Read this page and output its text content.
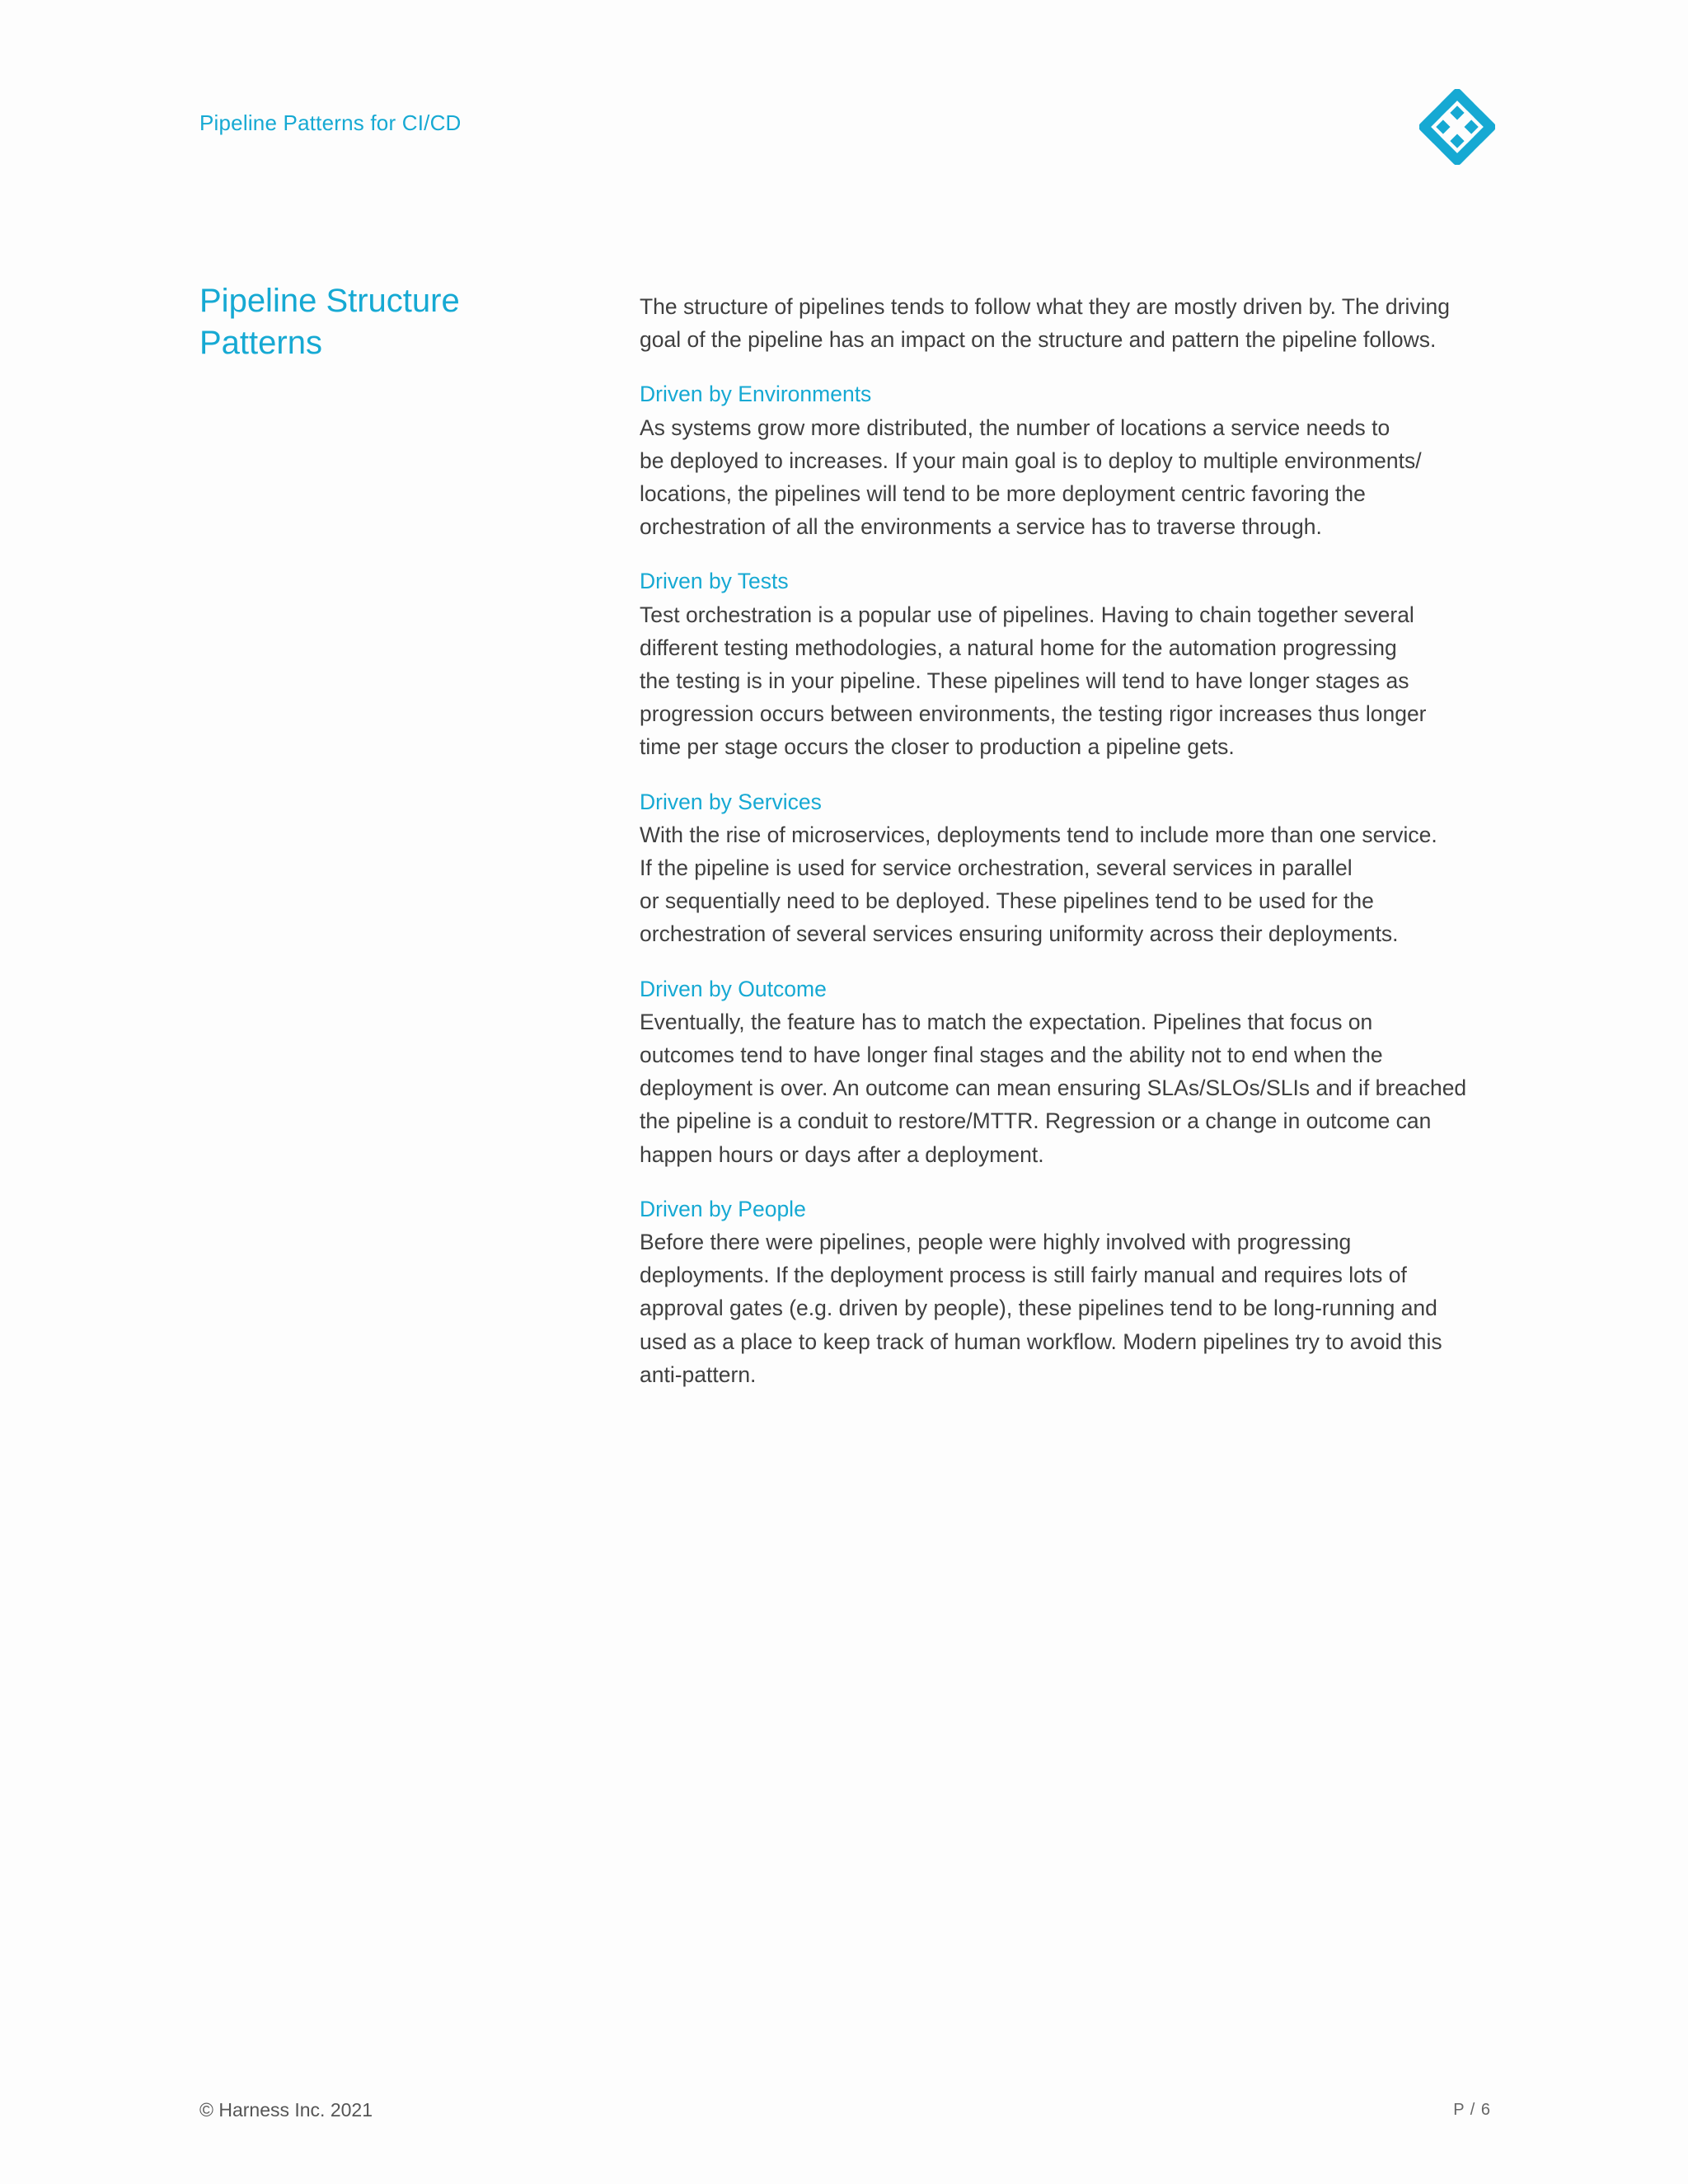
Pipeline Patterns for CI/CD
Pipeline Structure
Patterns

The structure of pipelines tends to follow what they are mostly driven by. The driving
goal of the pipeline has an impact on the structure and pattern the pipeline follows.

Driven by Environments

As systems grow more distributed, the number of locations a service needs to
be deployed to increases. If your main goal is to deploy to multiple environments/
locations, the pipelines will tend to be more deployment centric favoring the
orchestration of all the environments a service has to traverse through.

Driven by Tests

Test orchestration is a popular use of pipelines. Having to chain together several
different testing methodologies, a natural home for the automation progressing
the testing is in your pipeline. These pipelines will tend to have longer stages as
progression occurs between environments, the testing rigor increases thus longer
time per stage occurs the closer to production a pipeline gets.

Driven by Services

With the rise of microservices, deployments tend to include more than one service.
If the pipeline is used for service orchestration, several services in parallel
or sequentially need to be deployed. These pipelines tend to be used for the
orchestration of several services ensuring uniformity across their deployments.

Driven by Outcome

Eventually, the feature has to match the expectation. Pipelines that focus on
outcomes tend to have longer final stages and the ability not to end when the
deployment is over. An outcome can mean ensuring SLAs/SLOs/SLIs and if breached
the pipeline is a conduit to restore/MTTR. Regression or a change in outcome can
happen hours or days after a deployment.

Driven by People

Before there were pipelines, people were highly involved with progressing
deployments. If the deployment process is still fairly manual and requires lots of
approval gates (e.g. driven by people), these pipelines tend to be long-running and
used as a place to keep track of human workflow. Modern pipelines try to avoid this
anti-pattern.

© Harness Inc. 2021	P / 6
